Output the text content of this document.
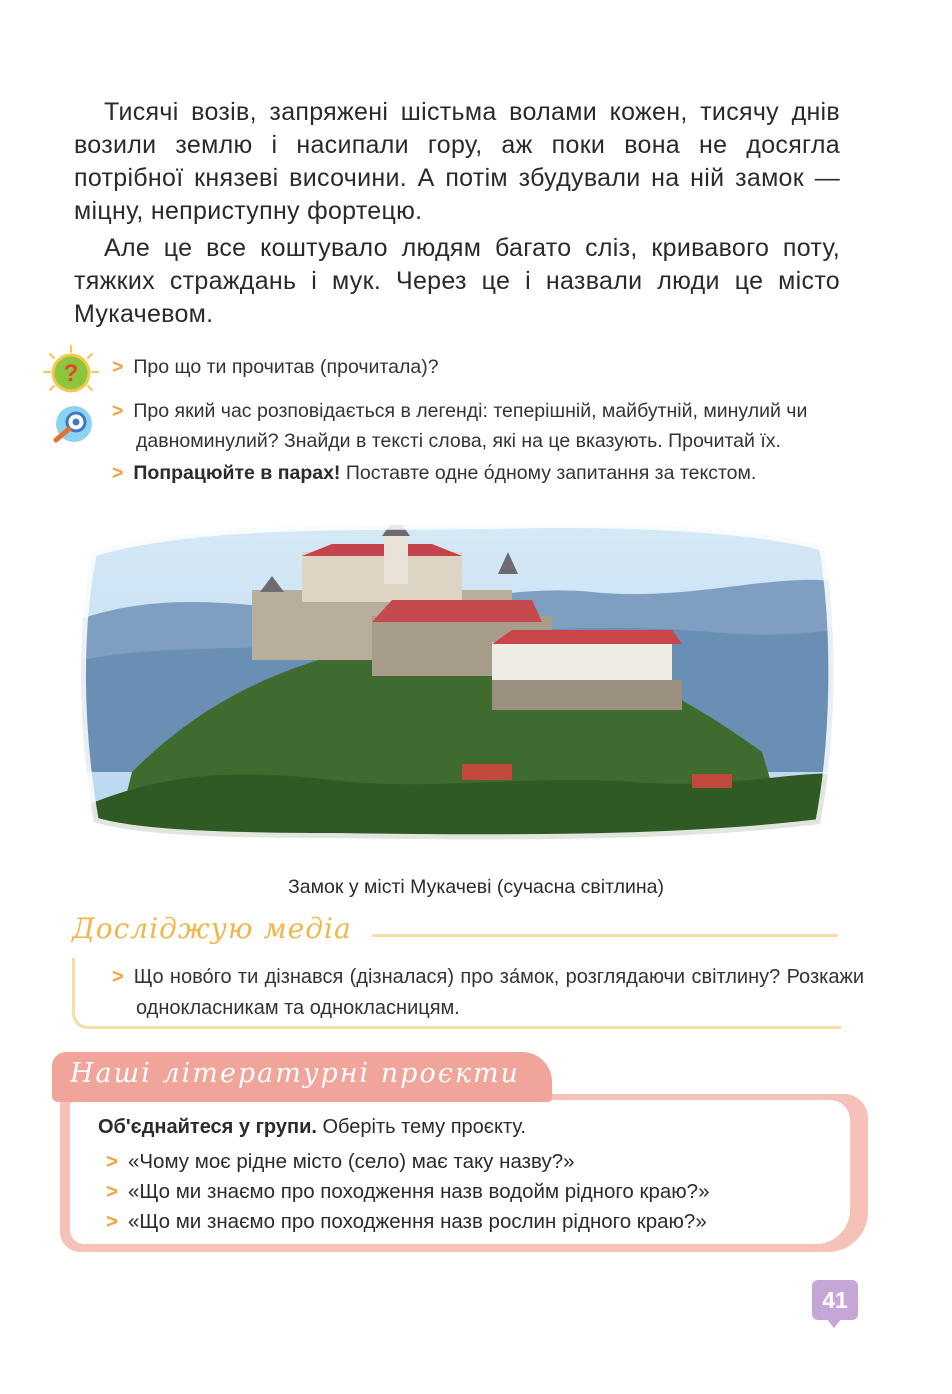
Тисячі возів, запряжені шістьма волами кожен, тисячу днів возили землю і насипали гору, аж поки вона не досягла потрібної князеві височини. А потім збудували на ній замок — міцну, неприступну фортецю.

Але це все коштувало людям багато сліз, кривавого поту, тяжких страждань і мук. Через це і назвали люди це місто Мукачевом.

? > Про що ти прочитав (прочитала)?
> Про який час розповідається в легенді: теперішній, майбутній, минулий чи давноминулий? Знайди в тексті слова, які на це вказують. Прочитай їх.
> Попрацюйте в парах! Поставте одне о́дному запитання за текстом.
Замок у місті Мукачеві (сучасна світлина)
Досліджую медіа
> Що ново́го ти дізнався (дізналася) про за́мок, розглядаючи світлину? Розкажи однокласникам та однокласницям.
Наші літературні проєкти
Об'єднайтеся у групи. Оберіть тему проєкту.
> «Чому моє рідне місто (село) має таку назву?»
> «Що ми знаємо про походження назв водойм рідного краю?»
> «Що ми знаємо про походження назв рослин рідного краю?»
41
